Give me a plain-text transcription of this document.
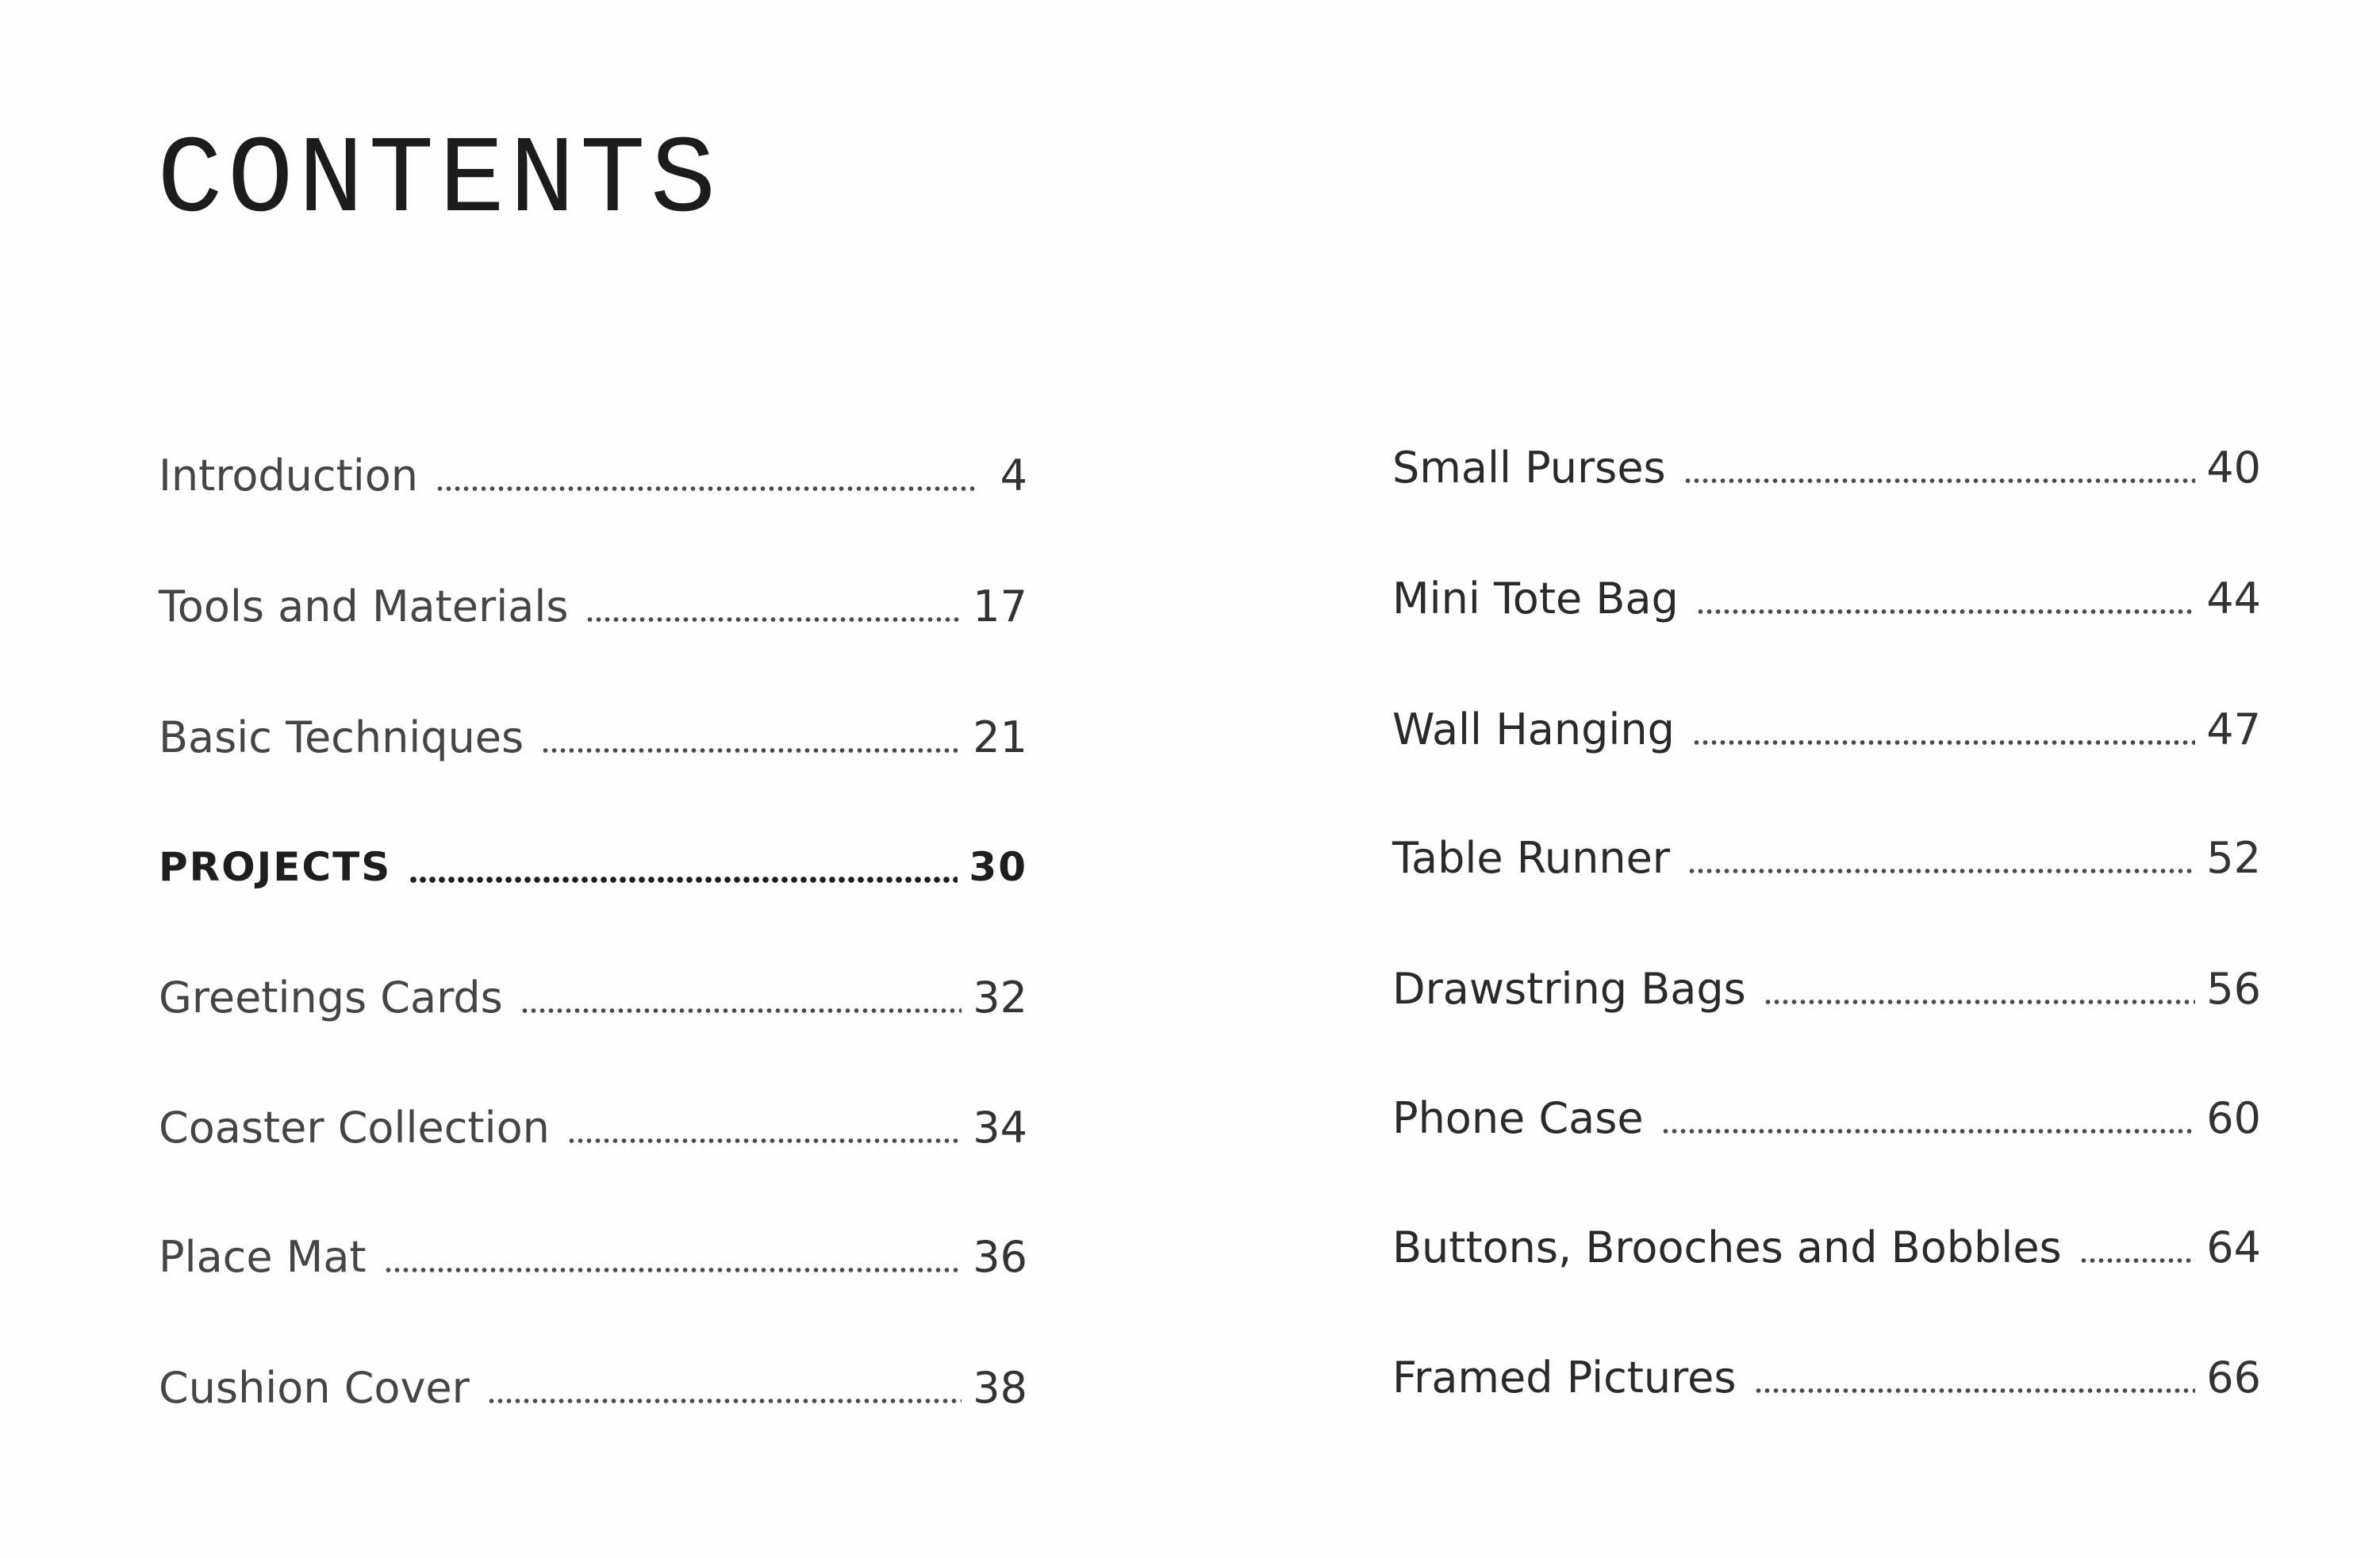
CONTENTS
Introduction	4
Tools and Materials	17
Basic Techniques	21
PROJECTS	30
Greetings Cards	32
Coaster Collection	34
Place Mat	36
Cushion Cover	38
Small Purses	40
Mini Tote Bag	44
Wall Hanging	47
Table Runner	52
Drawstring Bags	56
Phone Case	60
Buttons, Brooches and Bobbles	64
Framed Pictures	66
